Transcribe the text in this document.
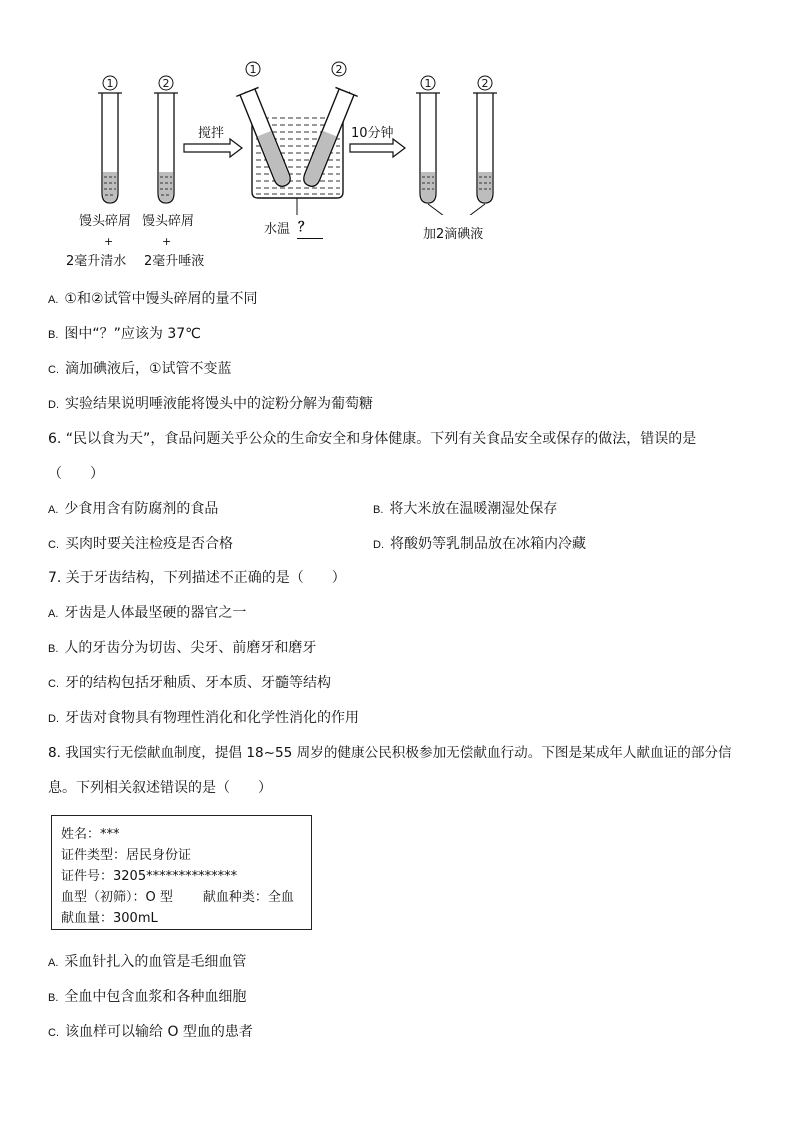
1	2
1	2
1	2
搅拌	10分钟
馒头碎屑
+
2毫升清水
馒头碎屑
+
2毫升唾液
水温 ？	加2滴碘液
A. ①和②试管中馒头碎屑的量不同
B. 图中“？”应该为 37℃
C. 滴加碘液后，①试管不变蓝
D. 实验结果说明唾液能将馒头中的淀粉分解为葡萄糖
6. “民以食为天”，食品问题关乎公众的生命安全和身体健康。下列有关食品安全或保存的做法，错误的是
（　　）
A. 少食用含有防腐剂的食品	B. 将大米放在温暖潮湿处保存
C. 买肉时要关注检疫是否合格	D. 将酸奶等乳制品放在冰箱内冷藏
7. 关于牙齿结构，下列描述不正确的是（　　）
A. 牙齿是人体最坚硬的器官之一
B. 人的牙齿分为切齿、尖牙、前磨牙和磨牙
C. 牙的结构包括牙釉质、牙本质、牙髓等结构
D. 牙齿对食物具有物理性消化和化学性消化的作用
8. 我国实行无偿献血制度，提倡 18~55 周岁的健康公民积极参加无偿献血行动。下图是某成年人献血证的部分信
息。下列相关叙述错误的是（　　）
姓名：***
证件类型：居民身份证
证件号：3205**************
血型（初筛）：O 型 献血种类：全血
献血量：300mL
A. 采血针扎入的血管是毛细血管
B. 全血中包含血浆和各种血细胞
C. 该血样可以输给 O 型血的患者
